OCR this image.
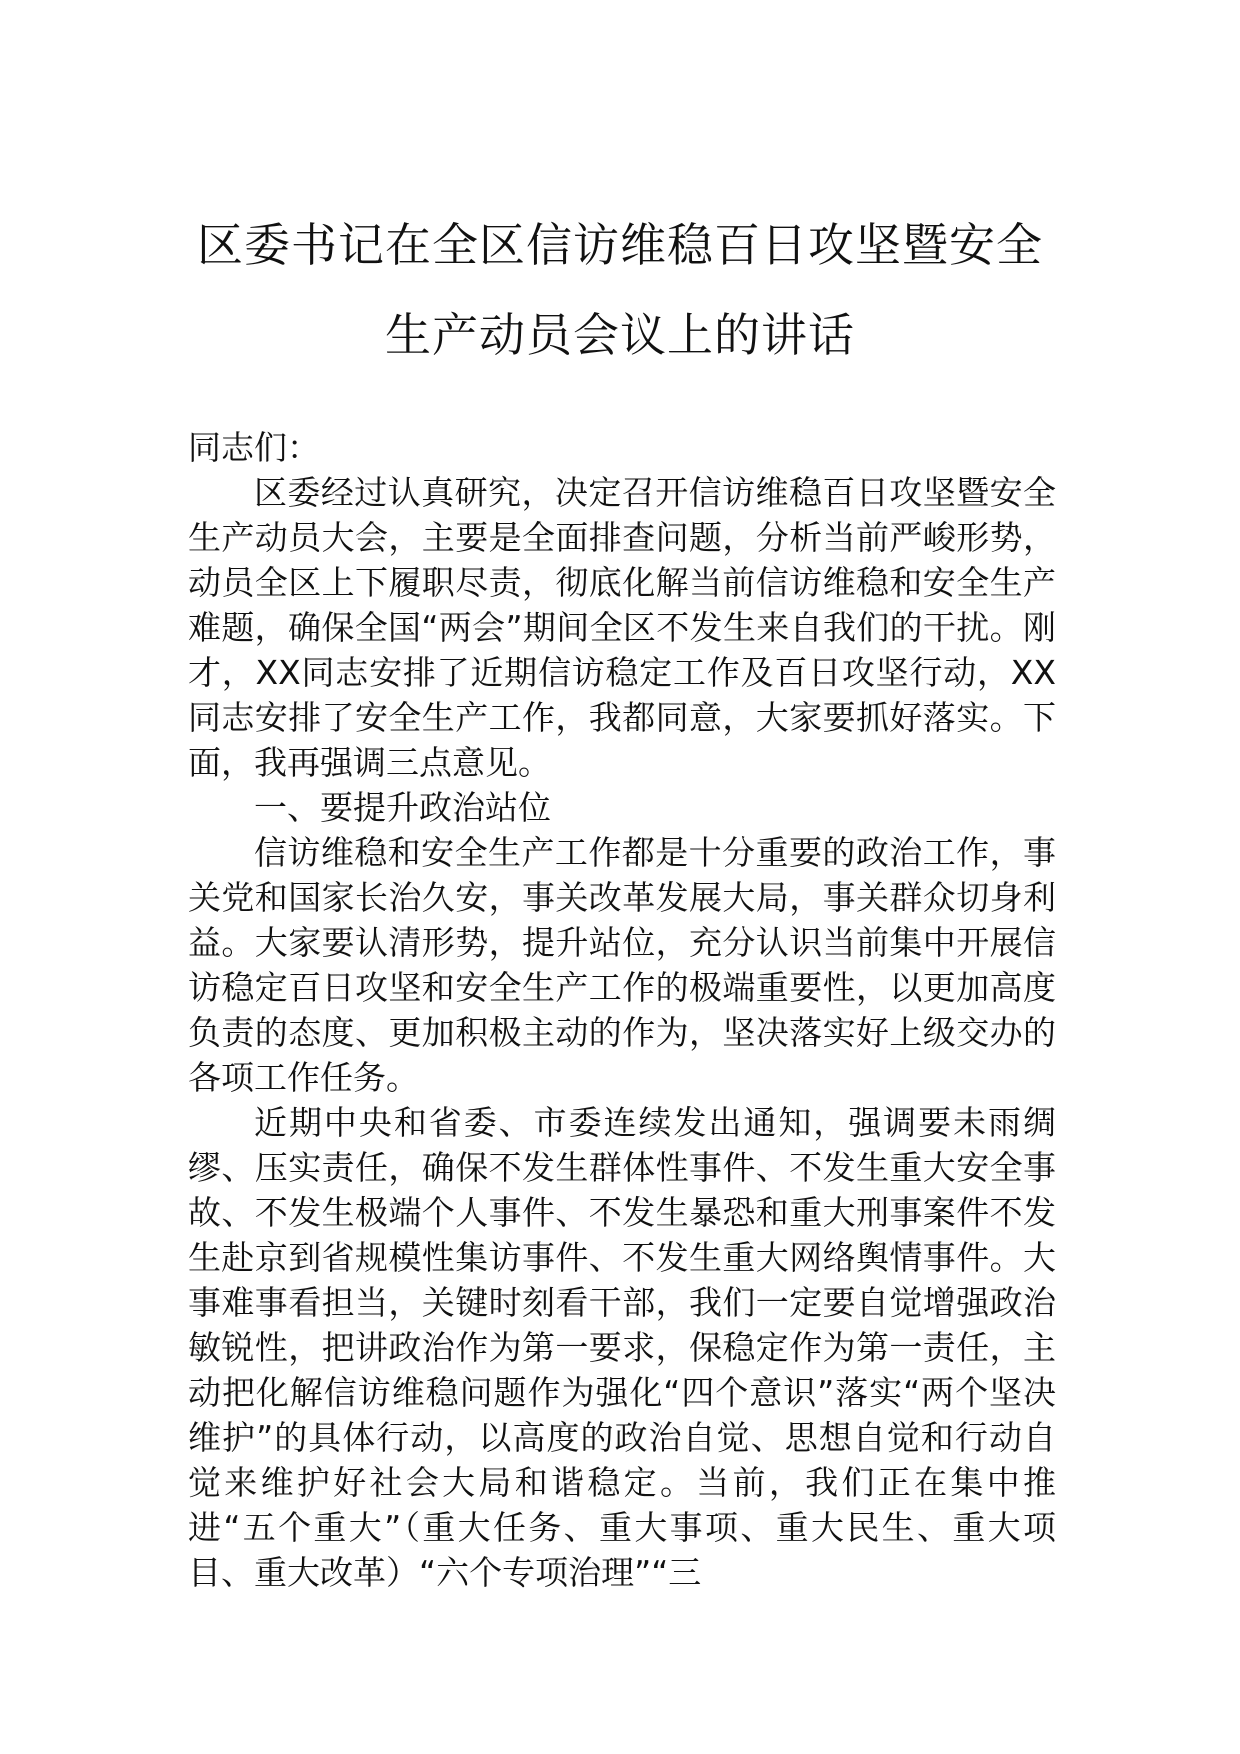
区委书记在全区信访维稳百日攻坚暨安全
生产动员会议上的讲话

同志们：

区委经过认真研究，决定召开信访维稳百日攻坚暨安全生产动员大会，主要是全面排查问题，分析当前严峻形势，动员全区上下履职尽责，彻底化解当前信访维稳和安全生产难题，确保全国“两会”期间全区不发生来自我们的干扰。刚才，XX同志安排了近期信访稳定工作及百日攻坚行动，XX同志安排了安全生产工作，我都同意，大家要抓好落实。下面，我再强调三点意见。

一、要提升政治站位

信访维稳和安全生产工作都是十分重要的政治工作，事关党和国家长治久安，事关改革发展大局，事关群众切身利益。大家要认清形势，提升站位，充分认识当前集中开展信访稳定百日攻坚和安全生产工作的极端重要性，以更加高度负责的态度、更加积极主动的作为，坚决落实好上级交办的各项工作任务。

近期中央和省委、市委连续发出通知，强调要未雨绸缪、压实责任，确保不发生群体性事件、不发生重大安全事故、不发生极端个人事件、不发生暴恐和重大刑事案件不发生赴京到省规模性集访事件、不发生重大网络舆情事件。大事难事看担当，关键时刻看干部，我们一定要自觉增强政治敏锐性，把讲政治作为第一要求，保稳定作为第一责任，主动把化解信访维稳问题作为强化“四个意识”落实“两个坚决维护”的具体行动，以高度的政治自觉、思想自觉和行动自觉来维护好社会大局和谐稳定。当前，我们正在集中推进“五个重大”（重大任务、重大事项、重大民生、重大项目、重大改革）“六个专项治理”“三
